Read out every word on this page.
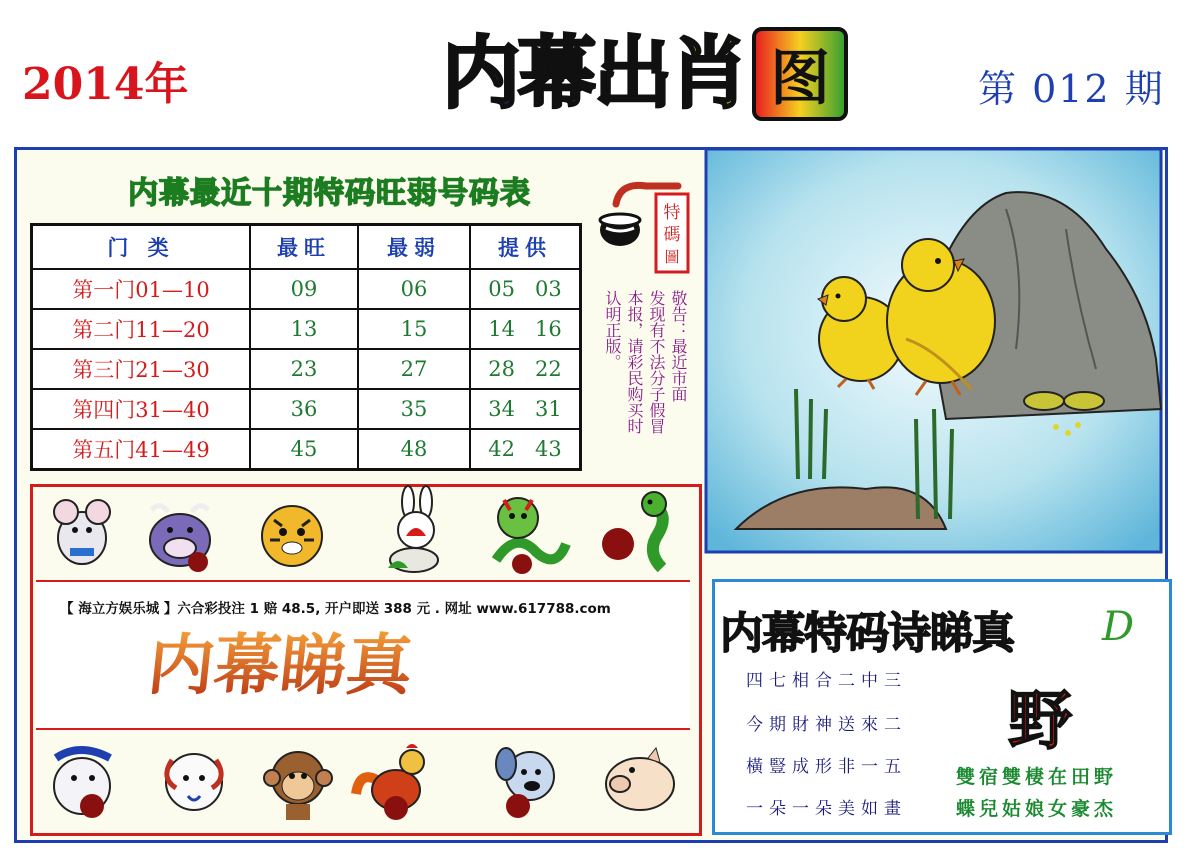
2014年	内 幕 出 肖 图	第 012 期
内幕最近十期特码旺弱号码表
门 类	最旺	最弱	提供
第一门01—10	09	06	05 03
第二门11—20	13	15	14 16
第三门21—30	23	27	28 22
第四门31—40	36	35	34 31
第五门41—49	45	48	42 43
特
碼
圖
敬告：最近市面
发现有不法分子假冒
本报，请彩民购买时
认明正版。
【 海立方娱乐城 】六合彩投注 1 赔 48.5, 开户即送 388 元 . 网址 www.617788.com
内幕睇真	内幕特码诗睇真 D
野
四七相合二中三
今期財神送來二
橫豎成形非一五
一朵一朵美如畫
雙宿雙棲在田野
蝶兒姑娘女豪杰
